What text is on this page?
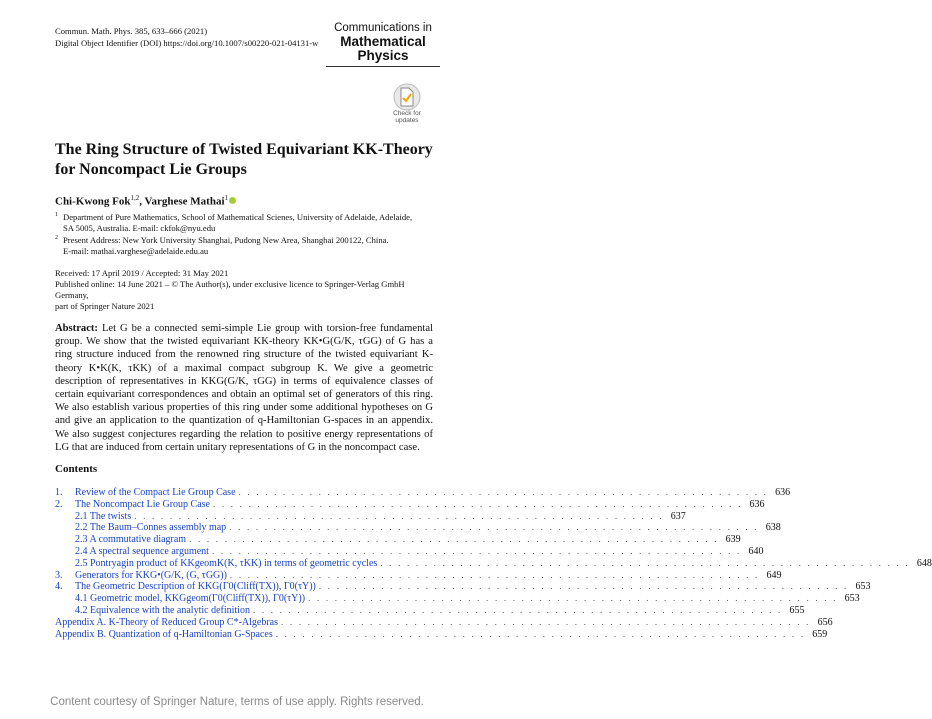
Commun. Math. Phys. 385, 633–666 (2021)
Digital Object Identifier (DOI) https://doi.org/10.1007/s00220-021-04131-w
Communications in
Mathematical
Physics
Check for
updates
The Ring Structure of Twisted Equivariant KK-Theory
for Noncompact Lie Groups
Chi-Kwong Fok$^{1,2}$, Varghese Mathai$^1$
1 Department of Pure Mathematics, School of Mathematical Scienes, University of Adelaide, Adelaide,
SA 5005, Australia. E-mail: ckfok@nyu.edu
2 Present Address: New York University Shanghai, Pudong New Area, Shanghai 200122, China.
E-mail: mathai.varghese@adelaide.edu.au
Received: 17 April 2019 / Accepted: 31 May 2021
Published online: 14 June 2021 – © The Author(s), under exclusive licence to Springer-Verlag GmbH Germany,
part of Springer Nature 2021
Abstract: Let G be a connected semi-simple Lie group with torsion-free fundamental group. We show that the twisted equivariant KK-theory KK•G(G/K, τGG) of G has a ring structure induced from the renowned ring structure of the twisted equivariant K-theory K•K(K, τKK) of a maximal compact subgroup K. We give a geometric description of representatives in KKG(G/K, τGG) in terms of equivalence classes of certain equivariant correspondences and obtain an optimal set of generators of this ring. We also establish various properties of this ring under some additional hypotheses on G and give an application to the quantization of q-Hamiltonian G-spaces in an appendix. We also suggest conjectures regarding the relation to positive energy representations of LG that are induced from certain unitary representations of G in the noncompact case.
Contents
1.	Review of the Compact Lie Group Case . . . . . . . . . . . . . . . . . . . . . . . . . . . . . . . . . . . . . . . . . . . . . . . . . . . . . . . . . . . . 636
2.	The Noncompact Lie Group Case . . . . . . . . . . . . . . . . . . . . . . . . . . . . . . . . . . . . . . . . . . . . . . . . . . . . . . . . . . . . 636
2.1 The twists . . . . . . . . . . . . . . . . . . . . . . . . . . . . . . . . . . . . . . . . . . . . . . . . . . . . . . . . . . . . 637
2.2 The Baum–Connes assembly map . . . . . . . . . . . . . . . . . . . . . . . . . . . . . . . . . . . . . . . . . . . . . . . . . . . . . . . . . . . . 638
2.3 A commutative diagram . . . . . . . . . . . . . . . . . . . . . . . . . . . . . . . . . . . . . . . . . . . . . . . . . . . . . . . . . . . . 639
2.4 A spectral sequence argument . . . . . . . . . . . . . . . . . . . . . . . . . . . . . . . . . . . . . . . . . . . . . . . . . . . . . . . . . . . . 640
2.5 Pontryagin product of KKgeomK(K, τKK) in terms of geometric cycles . . . . . . . . . . . . . . . . . . . . . . . . . . . . . . . . . . . . . . . . . . . . . . . . . . . . . . . . . . . . 648
3.	Generators for KKG•(G/K, (G, τGG)) . . . . . . . . . . . . . . . . . . . . . . . . . . . . . . . . . . . . . . . . . . . . . . . . . . . . . . . . . . . . 649
4.	The Geometric Description of KKG(Γ0(Cliff(TX)), Γ0(τY)) . . . . . . . . . . . . . . . . . . . . . . . . . . . . . . . . . . . . . . . . . . . . . . . . . . . . . . . . . . . . 653
4.1 Geometric model, KKGgeom(Γ0(Cliff(TX)), Γ0(τY)) . . . . . . . . . . . . . . . . . . . . . . . . . . . . . . . . . . . . . . . . . . . . . . . . . . . . . . . . . . . . 653
4.2 Equivalence with the analytic definition . . . . . . . . . . . . . . . . . . . . . . . . . . . . . . . . . . . . . . . . . . . . . . . . . . . . . . . . . . . . 655
Appendix A. K-Theory of Reduced Group C*-Algebras . . . . . . . . . . . . . . . . . . . . . . . . . . . . . . . . . . . . . . . . . . . . . . . . . . . . . . . . . . . . 656
Appendix B. Quantization of q-Hamiltonian G-Spaces . . . . . . . . . . . . . . . . . . . . . . . . . . . . . . . . . . . . . . . . . . . . . . . . . . . . . . . . . . . . 659
Content courtesy of Springer Nature, terms of use apply. Rights reserved.
